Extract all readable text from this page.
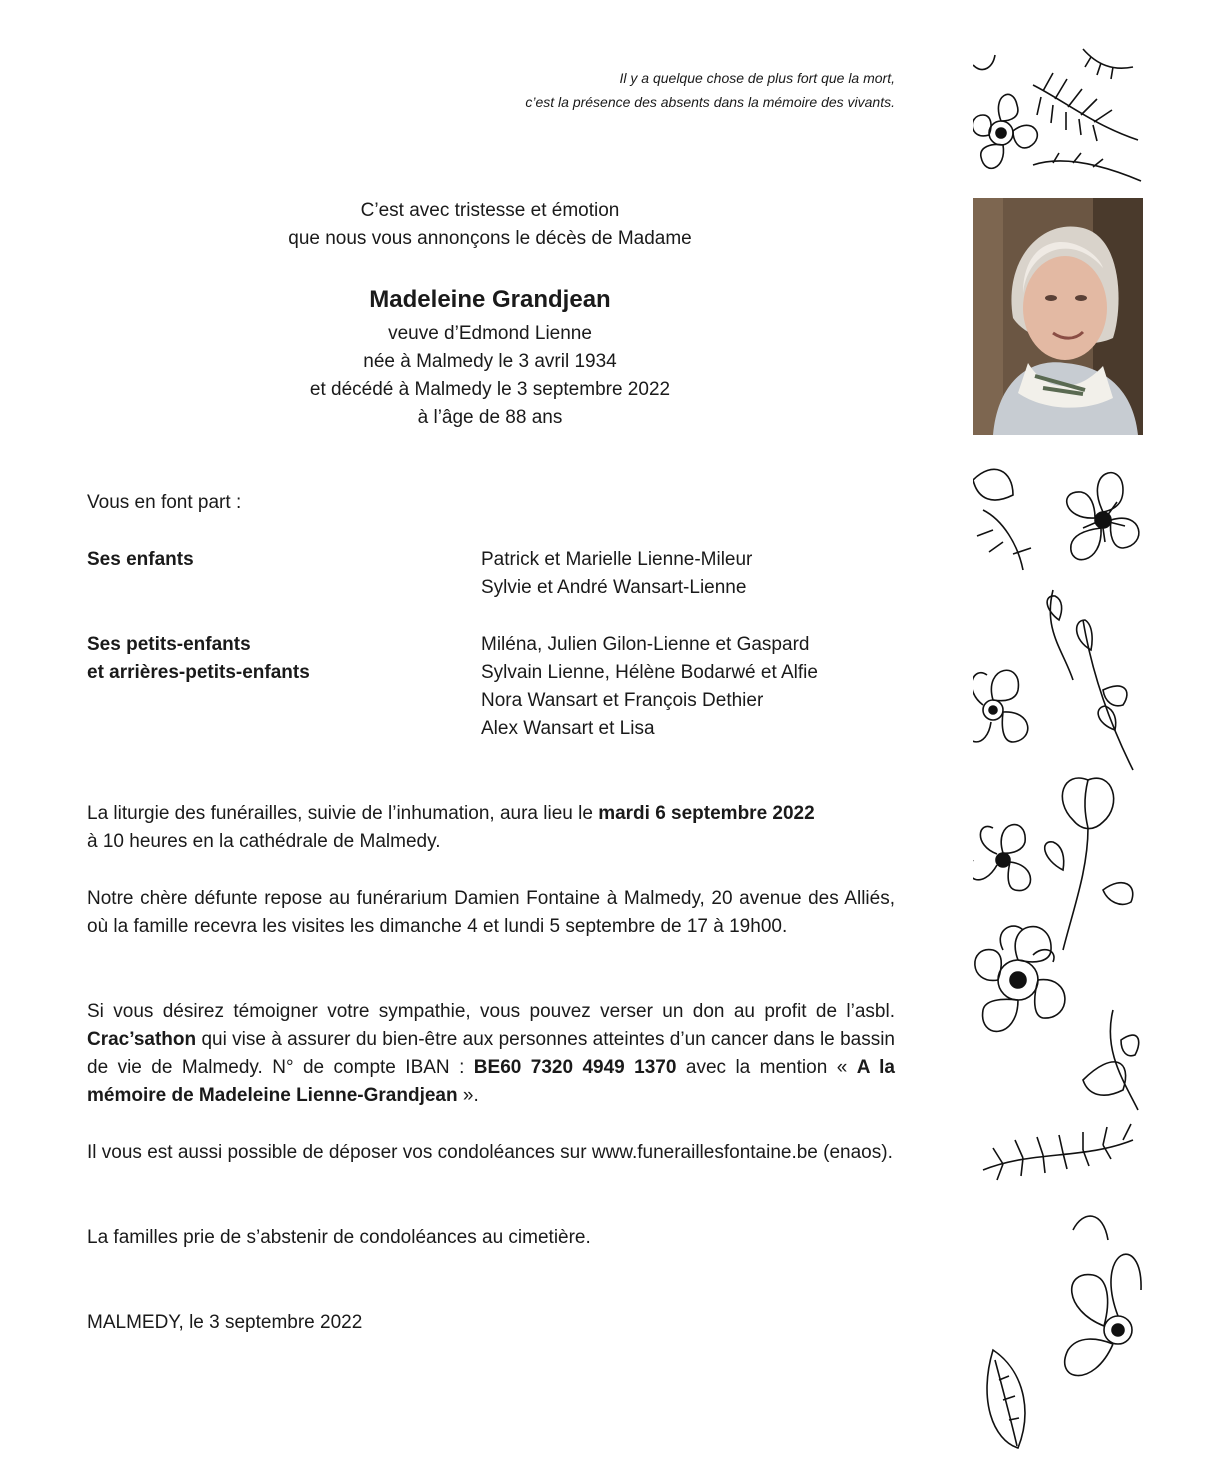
Il y a quelque chose de plus fort que la mort,
c’est la présence des absents dans la mémoire des vivants.
C’est avec tristesse et émotion
que nous vous annonçons le décès de Madame
Madeleine Grandjean
veuve d’Edmond Lienne
née à Malmedy le 3 avril 1934
et décédé à Malmedy le 3 septembre 2022
à l’âge de 88 ans
Vous en font part :
Ses enfants	Patrick et Marielle Lienne-Mileur
Sylvie et André Wansart-Lienne
Ses petits-enfants
et arrières-petits-enfants
Miléna, Julien Gilon-Lienne et Gaspard
Sylvain Lienne, Hélène Bodarwé et Alfie
Nora Wansart et François Dethier
Alex Wansart et Lisa
La liturgie des funérailles, suivie de l’inhumation, aura lieu le mardi 6 septembre 2022
à 10 heures en la cathédrale de Malmedy.
Notre chère défunte repose au funérarium Damien Fontaine à Malmedy, 20 avenue des Alliés, où la famille recevra les visites les dimanche 4 et lundi 5 septembre de 17 à 19h00.
Si vous désirez témoigner votre sympathie, vous pouvez verser un don au profit de l’asbl. Crac’sathon qui vise à assurer du bien-être aux personnes atteintes d’un cancer dans le bassin de vie de Malmedy. N° de compte IBAN : BE60 7320 4949 1370 avec la mention « A la mémoire de Madeleine Lienne-Grandjean ».
Il vous est aussi possible de déposer vos condoléances sur www.funeraillesfontaine.be (enaos).
La familles prie de s’abstenir de condoléances au cimetière.
MALMEDY, le 3 septembre 2022
